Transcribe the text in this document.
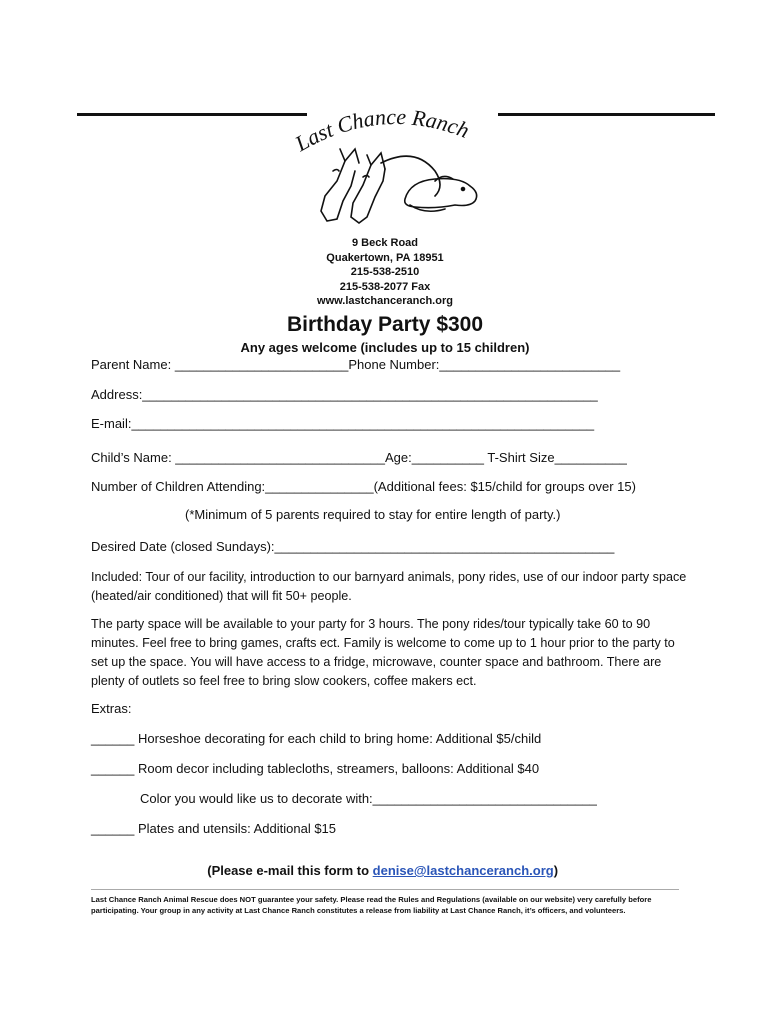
Last Chance Ranch
9 Beck Road
Quakertown, PA 18951
215-538-2510
215-538-2077 Fax
www.lastchanceranch.org
Birthday Party $300
Any ages welcome (includes up to 15 children)
Parent Name: ________________________Phone Number:_________________________
Address:_______________________________________________________________
E-mail:________________________________________________________________
Child’s Name: _____________________________Age:__________ T-Shirt Size__________
Number of Children Attending:_______________(Additional fees: $15/child for groups over 15)
(*Minimum of 5 parents required to stay for entire length of party.)
Desired Date (closed Sundays):_______________________________________________
Included: Tour of our facility, introduction to our barnyard animals, pony rides, use of our indoor party space (heated/air conditioned) that will fit 50+ people.
The party space will be available to your party for 3 hours. The pony rides/tour typically take 60 to 90 minutes. Feel free to bring games, crafts ect. Family is welcome to come up to 1 hour prior to the party to set up the space. You will have access to a fridge, microwave, counter space and bathroom. There are plenty of outlets so feel free to bring slow cookers, coffee makers ect.
Extras:
______ Horseshoe decorating for each child to bring home: Additional $5/child
______ Room decor including tablecloths, streamers, balloons: Additional $40
Color you would like us to decorate with:_______________________________
______ Plates and utensils: Additional $15

(Please e-mail this form to denise@lastchanceranch.org)

Last Chance Ranch Animal Rescue does NOT guarantee your safety. Please read the Rules and Regulations (available on our website) very carefully before participating. Your group in any activity at Last Chance Ranch constitutes a release from liability at Last Chance Ranch, it’s officers, and volunteers.
